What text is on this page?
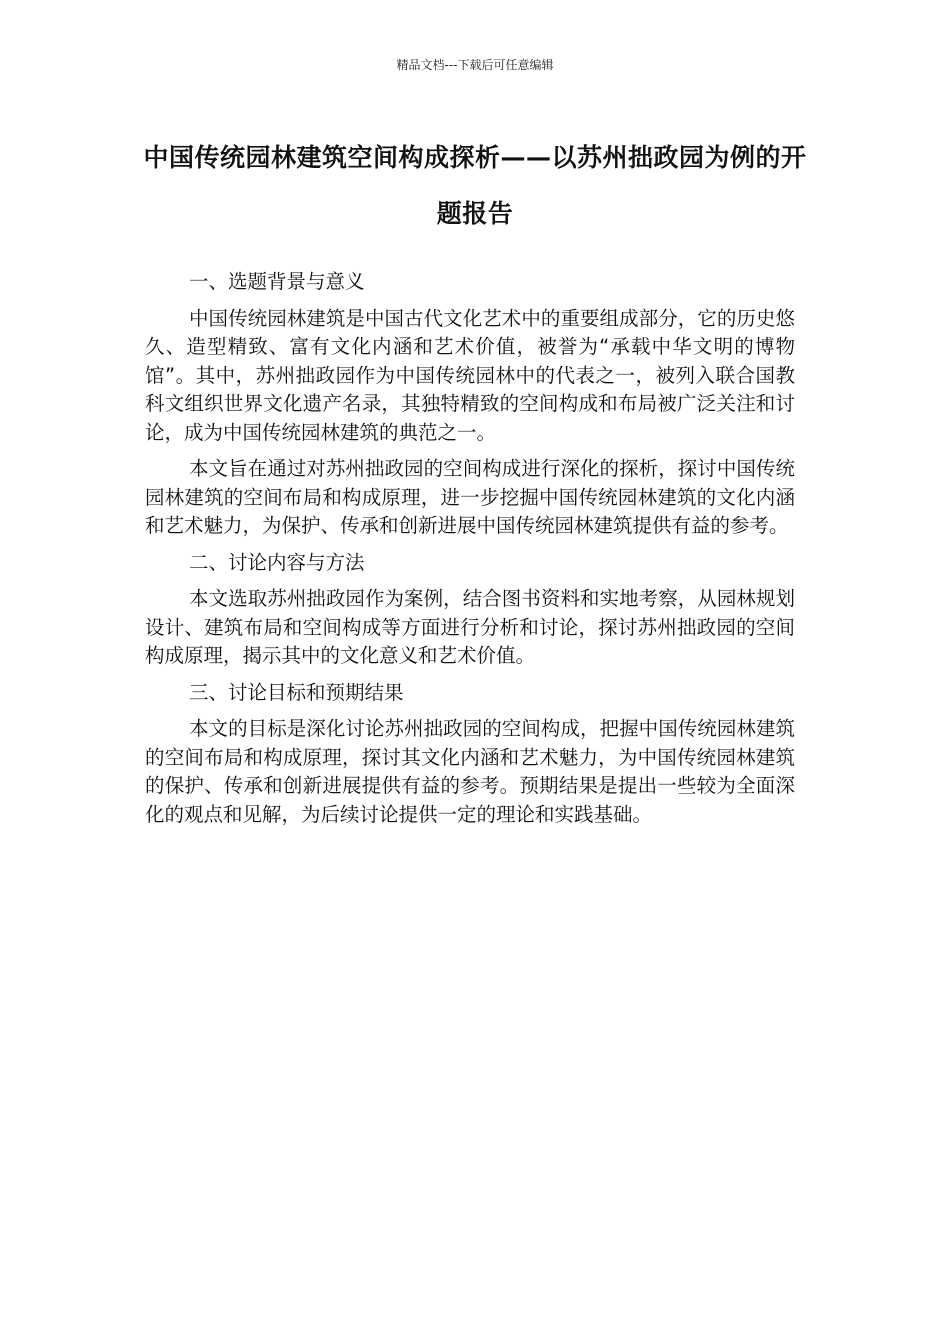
精品文档---下载后可任意编辑
中国传统园林建筑空间构成探析——以苏州拙政园为例的开题报告

一、选题背景与意义

中国传统园林建筑是中国古代文化艺术中的重要组成部分，它的历史悠久、造型精致、富有文化内涵和艺术价值，被誉为“承载中华文明的博物馆”。其中，苏州拙政园作为中国传统园林中的代表之一，被列入联合国教科文组织世界文化遗产名录，其独特精致的空间构成和布局被广泛关注和讨论，成为中国传统园林建筑的典范之一。

本文旨在通过对苏州拙政园的空间构成进行深化的探析，探讨中国传统园林建筑的空间布局和构成原理，进一步挖掘中国传统园林建筑的文化内涵和艺术魅力，为保护、传承和创新进展中国传统园林建筑提供有益的参考。

二、讨论内容与方法

本文选取苏州拙政园作为案例，结合图书资料和实地考察，从园林规划设计、建筑布局和空间构成等方面进行分析和讨论，探讨苏州拙政园的空间构成原理，揭示其中的文化意义和艺术价值。

三、讨论目标和预期结果

本文的目标是深化讨论苏州拙政园的空间构成，把握中国传统园林建筑的空间布局和构成原理，探讨其文化内涵和艺术魅力，为中国传统园林建筑的保护、传承和创新进展提供有益的参考。预期结果是提出一些较为全面深化的观点和见解，为后续讨论提供一定的理论和实践基础。
